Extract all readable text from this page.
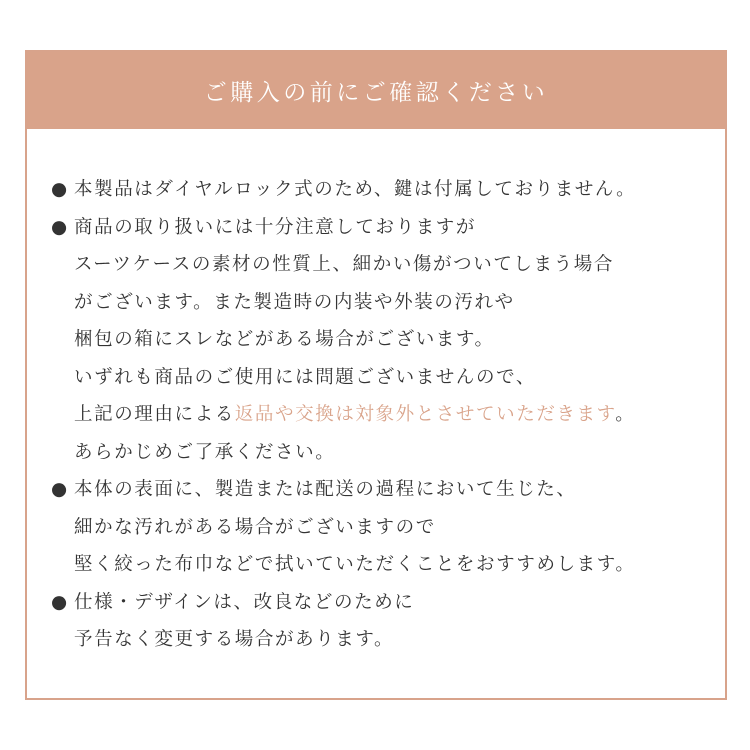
ご購入の前にご確認ください
● 本製品はダイヤルロック式のため、鍵は付属しておりません。
● 商品の取り扱いには十分注意しておりますが
スーツケースの素材の性質上、細かい傷がついてしまう場合
がございます。また製造時の内装や外装の汚れや
梱包の箱にスレなどがある場合がございます。
いずれも商品のご使用には問題ございませんので、
上記の理由による返品や交換は対象外とさせていただきます。
あらかじめご了承ください。
● 本体の表面に、製造または配送の過程において生じた、
細かな汚れがある場合がございますので
堅く絞った布巾などで拭いていただくことをおすすめします。
● 仕様・デザインは、改良などのために
予告なく変更する場合があります。
